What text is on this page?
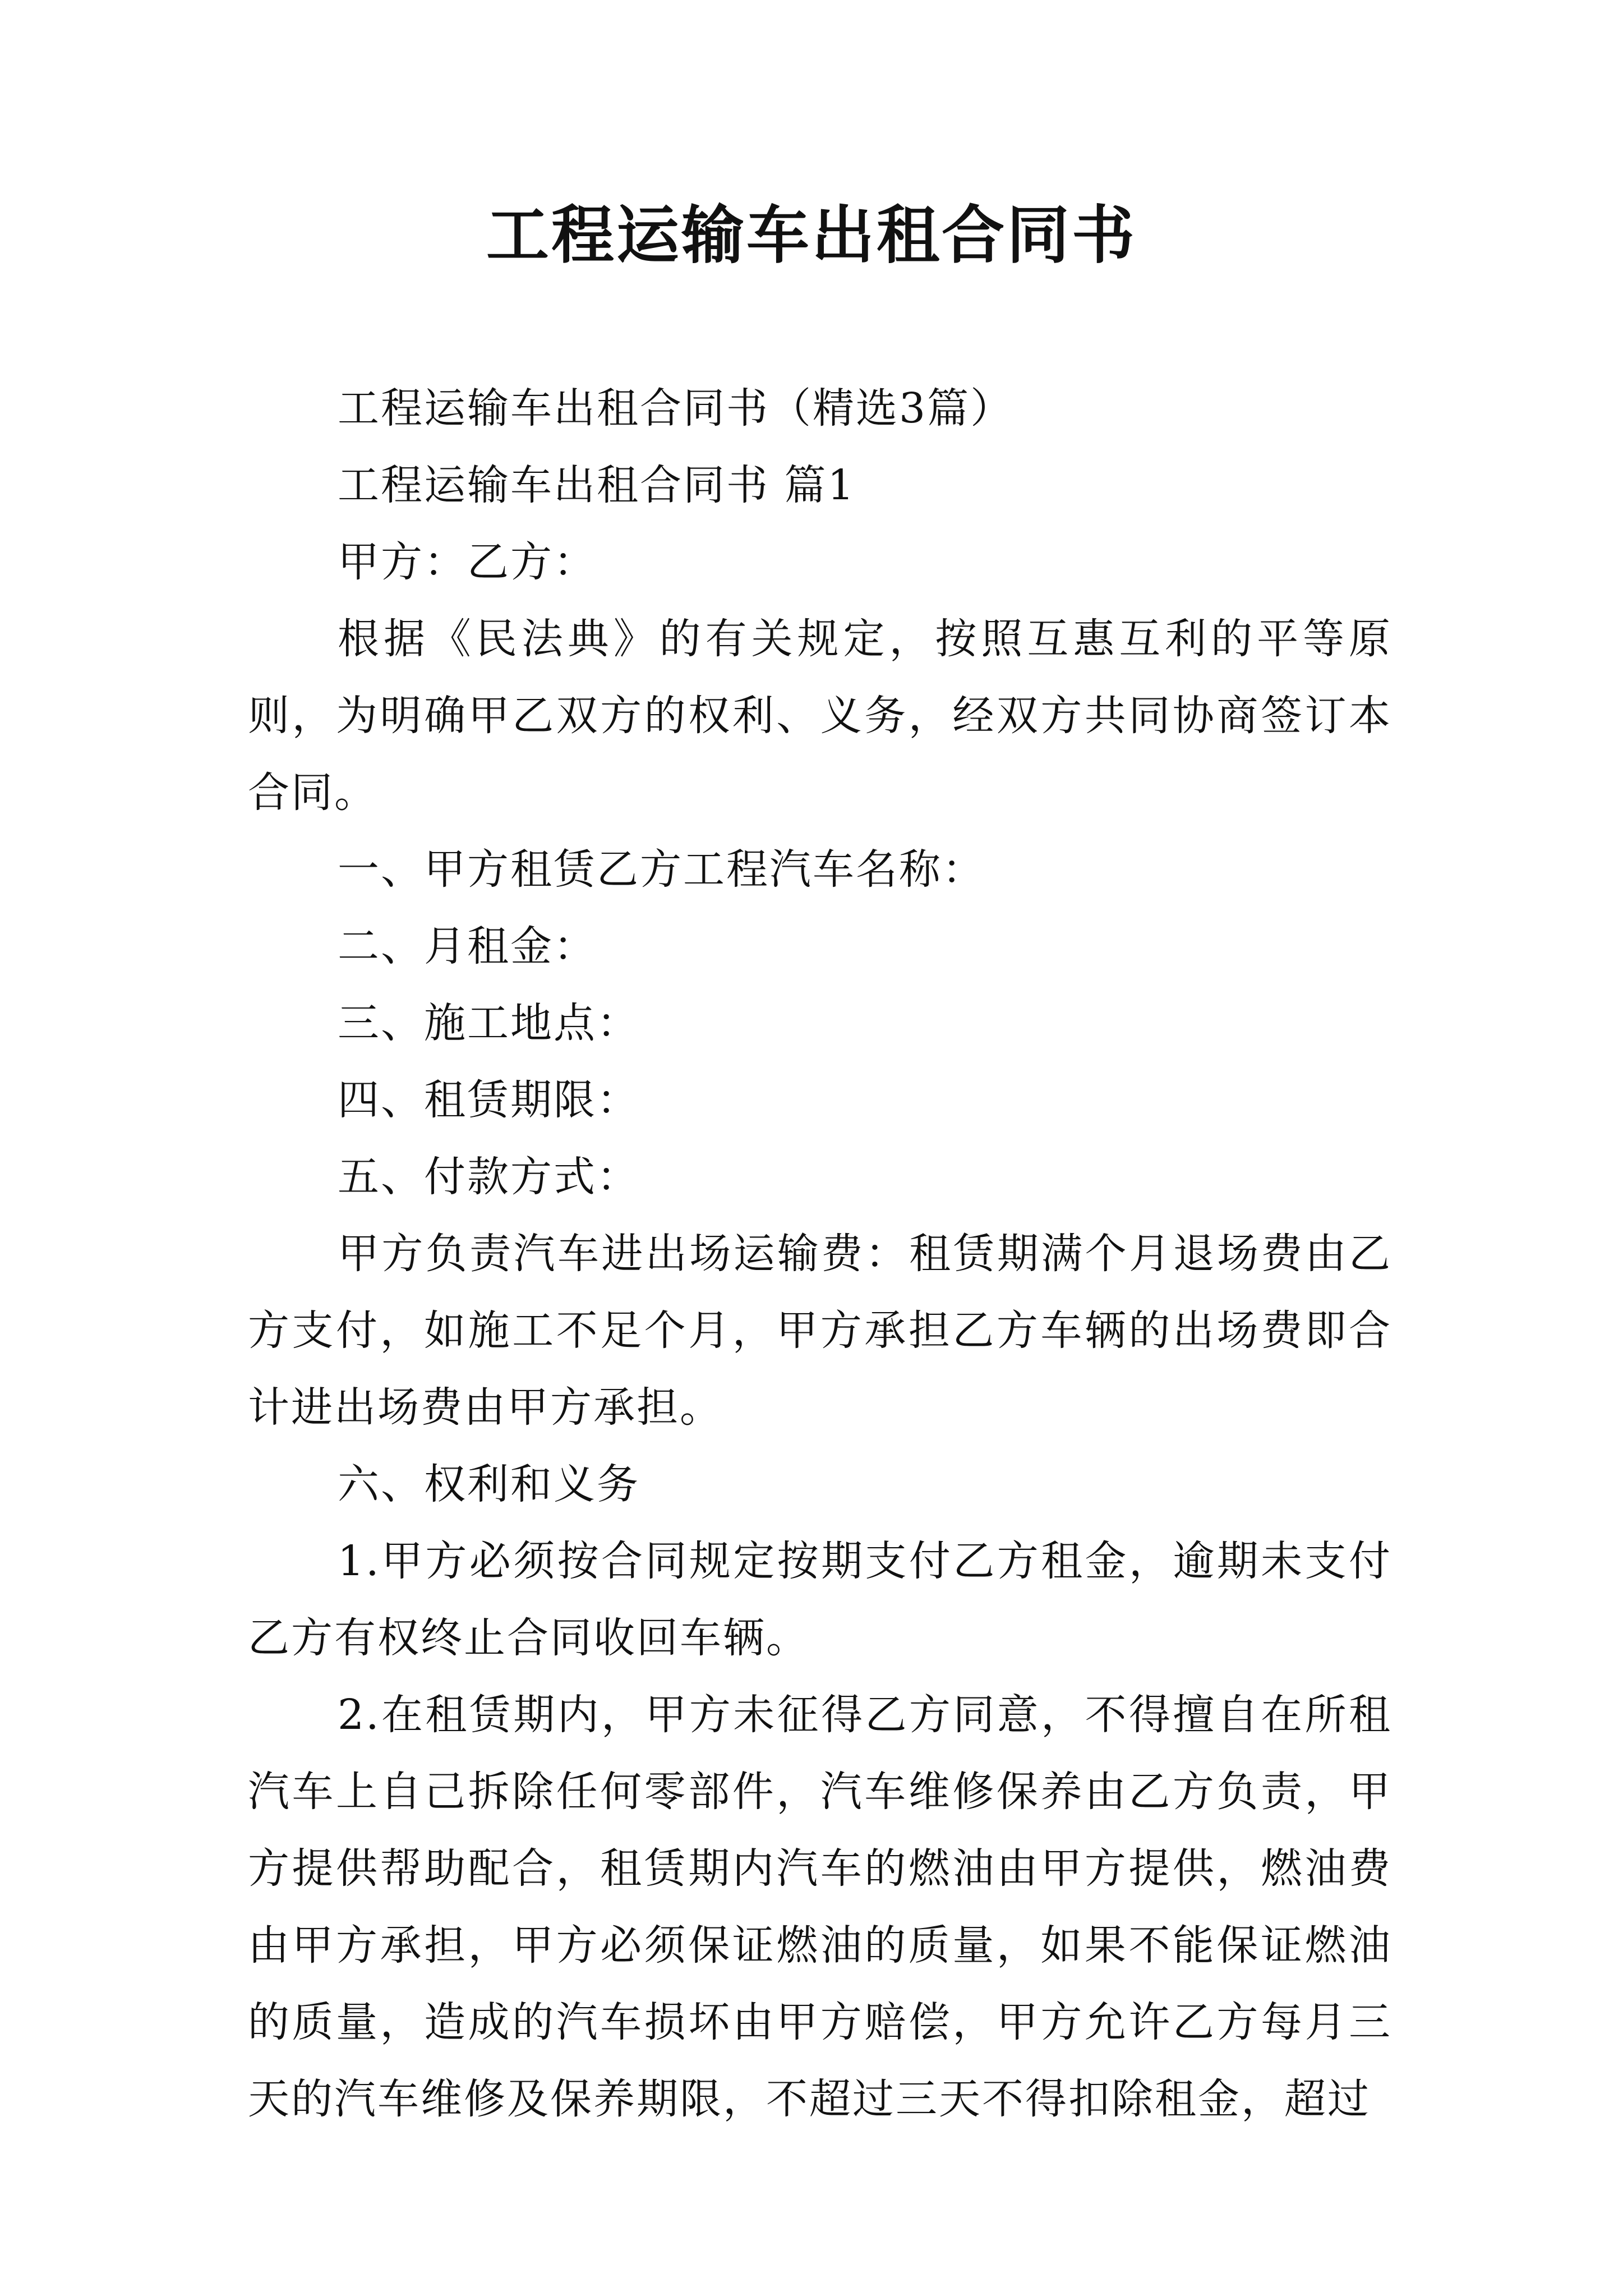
工程运输车出租合同书

工程运输车出租合同书（精选3篇）

工程运输车出租合同书 篇1

甲方：乙方：

根据《民法典》的有关规定，按照互惠互利的平等原则，为明确甲乙双方的权利、义务，经双方共同协商签订本合同。

一、甲方租赁乙方工程汽车名称：

二、月租金：

三、施工地点：

四、租赁期限：

五、付款方式：

甲方负责汽车进出场运输费：租赁期满个月退场费由乙方支付，如施工不足个月，甲方承担乙方车辆的出场费即合计进出场费由甲方承担。

六、权利和义务

1.甲方必须按合同规定按期支付乙方租金，逾期未支付乙方有权终止合同收回车辆。

2.在租赁期内，甲方未征得乙方同意，不得擅自在所租汽车上自己拆除任何零部件，汽车维修保养由乙方负责，甲方提供帮助配合，租赁期内汽车的燃油由甲方提供，燃油费由甲方承担，甲方必须保证燃油的质量，如果不能保证燃油的质量，造成的汽车损坏由甲方赔偿，甲方允许乙方每月三天的汽车维修及保养期限，不超过三天不得扣除租金，超过
